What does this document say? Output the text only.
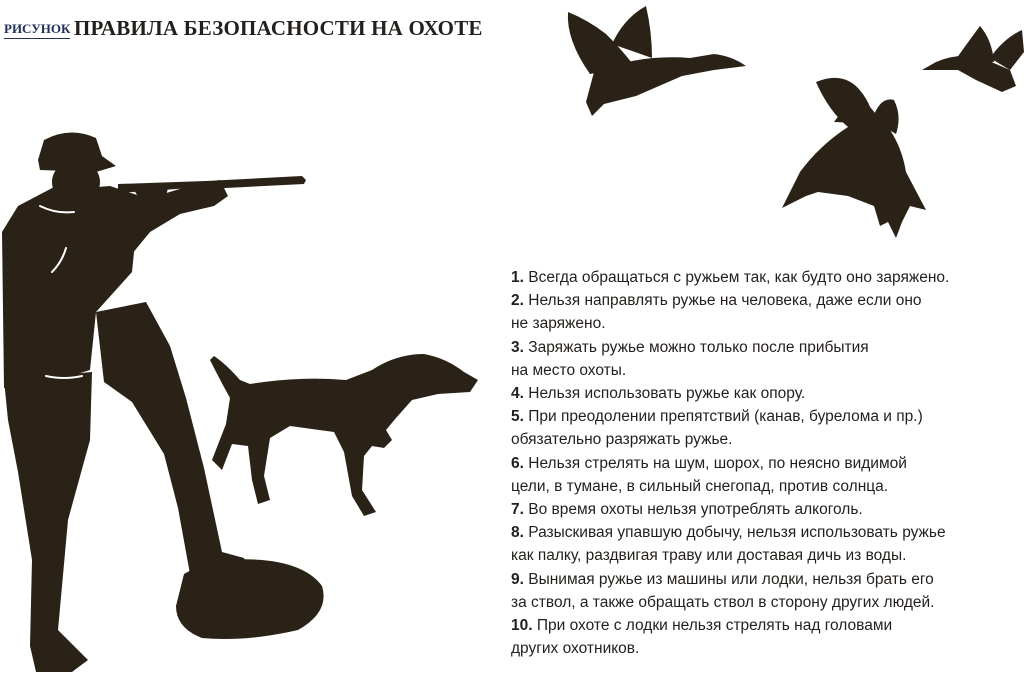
РИСУНОК ПРАВИЛА БЕЗОПАСНОСТИ НА ОХОТЕ
1. Всегда обращаться с ружьем так, как будто оно заряжено.
2. Нельзя направлять ружье на человека, даже если оно
не заряжено.
3. Заряжать ружье можно только после прибытия
на место охоты.
4. Нельзя использовать ружье как опору.
5. При преодолении препятствий (канав, бурелома и пр.)
обязательно разряжать ружье.
6. Нельзя стрелять на шум, шорох, по неясно видимой
цели, в тумане, в сильный снегопад, против солнца.
7. Во время охоты нельзя употреблять алкоголь.
8. Разыскивая упавшую добычу, нельзя использовать ружье
как палку, раздвигая траву или доставая дичь из воды.
9. Вынимая ружье из машины или лодки, нельзя брать его
за ствол, а также обращать ствол в сторону других людей.
10. При охоте с лодки нельзя стрелять над головами
других охотников.
